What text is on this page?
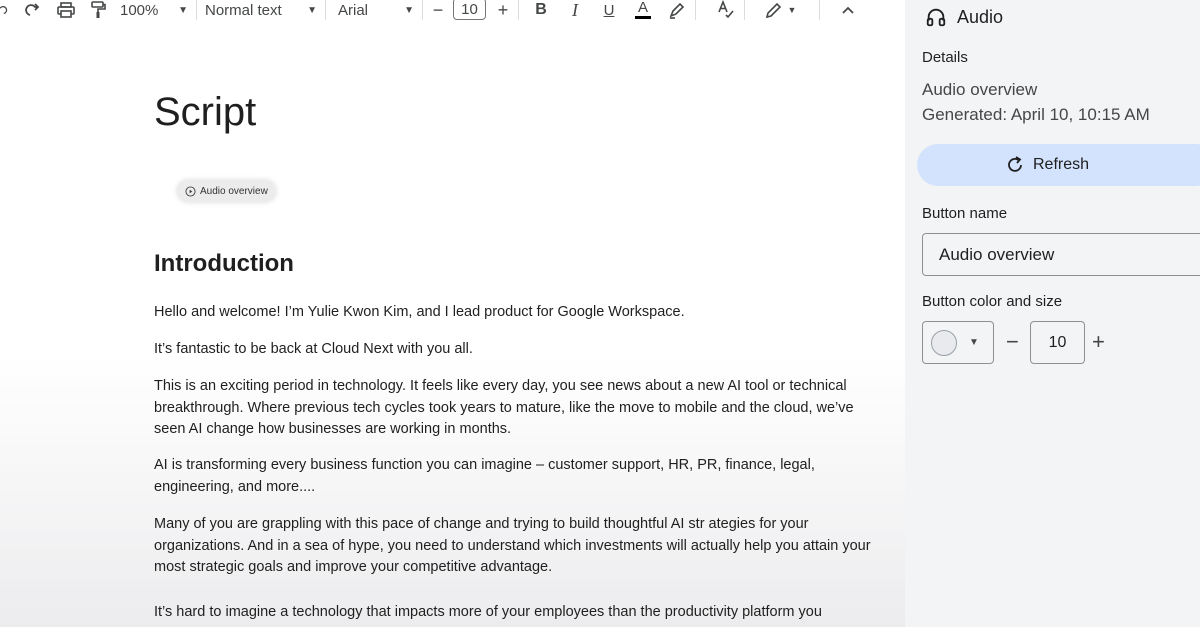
100% ▼ Normal text	▼ Arial	▼ − 10 + B I U A	▼
Script
Audio overview
Introduction
Hello and welcome! I’m Yulie Kwon Kim, and I lead product for Google Workspace.
It’s fantastic to be back at Cloud Next with you all.
This is an exciting period in technology. It feels like every day, you see news about a new AI tool or technical breakthrough. Where previous tech cycles took years to mature, like the move to mobile and the cloud, we’ve seen AI change how businesses are working in months.
AI is transforming every business function you can imagine – customer support, HR, PR, finance, legal, engineering, and more....
Many of you are grappling with this pace of change and trying to build thoughtful AI str ategies for your organizations. And in a sea of hype, you need to understand which investments will actually help you attain your most strategic goals and improve your competitive advantage.
It’s hard to imagine a technology that impacts more of your employees than the productivity platform you
Audio
Details
Audio overview
Generated: April 10, 10:15 AM
Refresh
Button name
Audio overview
Button color and size
▼ − 10 +
